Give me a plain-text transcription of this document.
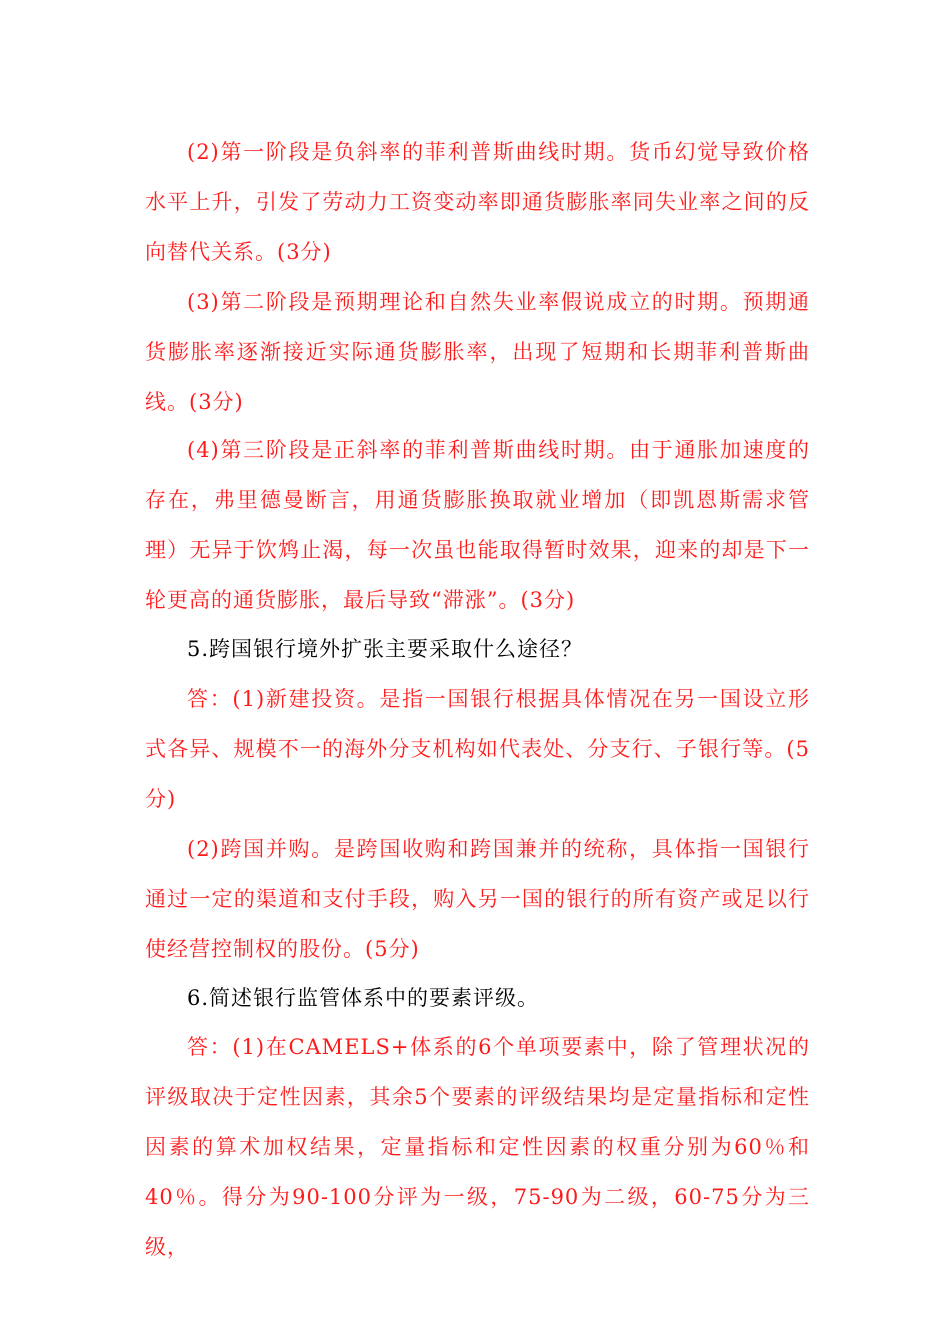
(2)第一阶段是负斜率的菲利普斯曲线时期。货币幻觉导致价格水平上升，引发了劳动力工资变动率即通货膨胀率同失业率之间的反向替代关系。(3分)

(3)第二阶段是预期理论和自然失业率假说成立的时期。预期通货膨胀率逐渐接近实际通货膨胀率，出现了短期和长期菲利普斯曲线。(3分)

(4)第三阶段是正斜率的菲利普斯曲线时期。由于通胀加速度的存在，弗里德曼断言，用通货膨胀换取就业增加（即凯恩斯需求管理）无异于饮鸩止渴，每一次虽也能取得暂时效果，迎来的却是下一轮更高的通货膨胀，最后导致“滞涨”。(3分)

5.跨国银行境外扩张主要采取什么途径？

答：(1)新建投资。是指一国银行根据具体情况在另一国设立形式各异、规模不一的海外分支机构如代表处、分支行、子银行等。(5分)

(2)跨国并购。是跨国收购和跨国兼并的统称，具体指一国银行通过一定的渠道和支付手段，购入另一国的银行的所有资产或足以行使经营控制权的股份。(5分)

6.简述银行监管体系中的要素评级。

答：(1)在CAMELS+体系的6个单项要素中，除了管理状况的评级取决于定性因素，其余5个要素的评级结果均是定量指标和定性因素的算术加权结果，定量指标和定性因素的权重分别为60％和40％。得分为90-100分评为一级，75-90为二级，60-75分为三级，
